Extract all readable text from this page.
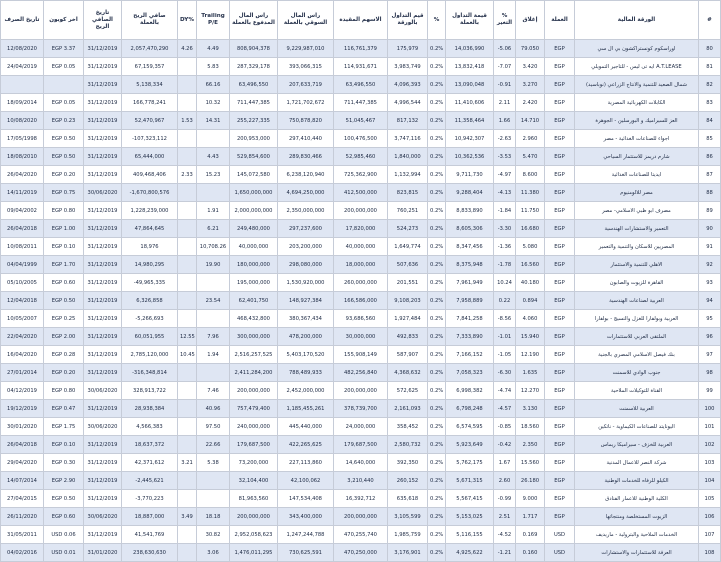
تاريخ الصرف	اخر كوبون	تاريخ الصافي الربح	صافي الربح بالعملة	DY%	Trailing P/E	راس المال المدفوع بالعملة	راس المال السوقي بالعملة	الاسهم المقيدة	قيم التداول بالورقة	%	قيمة التداول بالعملة	% التغير	إغلاق	العملة	الورقة المالية	#
12/08/2020	EGP 3.37	31/12/2019	2,057,470,290	4.26	4.49	808,904,378	9,229,987,010	116,761,379	175,979	0.2%	14,036,990	-5.06	79.050	EGP	اوراسكوم كونستراكشون بي ال سي	80
24/04/2019	EGP 0.05	31/12/2019	67,159,357		5.83	287,329,178	393,066,315	114,931,671	3,983,749	0.2%	13,832,418	-7.07	3.420	EGP	A.T.LEASE ايه تى ليس - للتاجير التمويلي	81
		31/12/2019	5,138,334		66.16	63,496,550	207,633,719	63,496,550	4,096,393	0.2%	13,090,048	-0.91	3.270	EGP	شمال الصعيد للتنمية والانتاج الزراعي (نوباسيد)	82
18/09/2014	EGP 0.05	31/12/2019	166,778,241		10.32	711,447,385	1,721,702,672	711,447,385	4,996,544	0.2%	11,410,606	2.11	2.420	EGP	الكابلات الكهربائية المصرية	83
10/08/2020	EGP 0.23	31/12/2019	52,470,967	1.53	14.31	255,227,335	750,878,820	51,045,467	817,132	0.2%	11,358,464	1.66	14.710	EGP	العز للسيراميك و البورسلين - الجوهرة	84
17/05/1998	EGP 0.50	31/12/2019	-107,323,112			200,953,000	297,410,440	100,476,500	3,747,116	0.2%	10,942,307	-2.63	2.960	EGP	اجواء للصناعات الغذائية - مصر	85
18/08/2010	EGP 0.50	31/12/2019	65,444,000		4.43	529,854,600	289,830,466	52,985,460	1,840,000	0.2%	10,362,536	-3.53	5.470	EGP	شارم دريمز للاستثمار السياحي	86
26/04/2020	EGP 0.20	31/12/2019	409,468,406	2.33	15.23	145,072,580	6,238,120,940	725,362,900	1,132,994	0.2%	9,711,730	-4.97	8.600	EGP	ايديتا للصناعات الغذائية	87
14/11/2019	EGP 0.75	30/06/2020	-1,670,800,576			1,650,000,000	4,694,250,000	412,500,000	823,815	0.2%	9,288,404	-4.13	11.380	EGP	مصر للالومنيوم	88
09/04/2002	EGP 0.80	31/12/2019	1,228,239,000		1.91	2,000,000,000	2,350,000,000	200,000,000	760,251	0.2%	8,833,890	-1.84	11.750	EGP	مصرف ابو ظبي الاسلامي- مصر	89
26/04/2018	EGP 1.00	31/12/2019	47,864,645		6.21	249,480,000	297,237,600	17,820,000	524,273	0.2%	8,605,306	-3.30	16.680	EGP	التعمير والاستشارات الهندسية	90
10/08/2011	EGP 0.10	31/12/2019	18,976		10,708.26	40,000,000	203,200,000	40,000,000	1,649,774	0.2%	8,347,456	-1.36	5.080	EGP	المصريين للاسكان والتنمية والتعمير	91
04/04/1999	EGP 1.70	31/12/2019	14,980,295		19.90	180,000,000	298,080,000	18,000,000	507,636	0.2%	8,375,948	-1.78	16.560	EGP	الاهلي للتنمية والاستثمار	92
05/10/2005	EGP 0.60	31/12/2019	-49,965,335			195,000,000	1,530,920,000	260,000,000	201,551	0.2%	7,961,949	10.24	40.180	EGP	القاهرة للزيوت والصابون	93
12/04/2018	EGP 0.50	31/12/2019	6,326,858		23.54	62,401,750	148,927,384	166,586,000	9,108,203	0.2%	7,958,889	0.22	0.894	EGP	العربية لصناعات الهندسية	94
10/05/2007	EGP 0.25	31/12/2019	-5,266,693			468,432,800	380,367,434	93,686,560	1,927,484	0.2%	7,841,258	-8.56	4.060	EGP	العربية وبولفارا للغزل والنسيج - بولفارا	95
22/04/2020	EGP 2.00	31/12/2019	60,051,955	12.55	7.96	300,000,000	478,200,000	30,000,000	492,833	0.2%	7,333,890	-1.01	15.940	EGP	الملتقى العربي للاستثمارات	96
16/04/2020	EGP 0.28	31/12/2019	2,785,120,000	10.45	1.94	2,516,257,525	5,403,170,520	155,908,149	587,907	0.2%	7,166,152	-1.05	12.190	EGP	بنك فيصل الاسلامي المصري بالجنية	97
27/01/2014	EGP 0.20	31/12/2019	-316,348,814			2,411,284,200	788,489,933	482,256,840	4,368,632	0.2%	7,058,323	-6.30	1.635	EGP	جنوب الوادي للاسمنت	98
04/12/2019	EGP 0.80	30/06/2020	328,913,722		7.46	200,000,000	2,452,000,000	200,000,000	572,625	0.2%	6,998,382	-4.74	12.270	EGP	القناة للتوكيلات الملاحية	99
19/12/2019	EGP 0.47	31/12/2019	28,938,384		40.96	757,479,400	1,185,455,261	378,739,700	2,161,093	0.2%	6,798,248	-4.57	3.130	EGP	العربية للاسمنت	100
30/01/2020	EGP 1.75	30/06/2020	4,566,383		97.50	240,000,000	445,440,000	24,000,000	358,452	0.2%	6,574,595	-0.85	18.560	EGP	اليونايتد للصناعات الكيماوية - ناتكين	101
26/04/2018	EGP 0.10	31/12/2019	18,637,372		22.66	179,687,500	422,265,625	179,687,500	2,580,732	0.2%	5,923,649	-0.42	2.350	EGP	العربية للخزف - سيراميكا ريماس	102
29/04/2020	EGP 0.30	31/12/2019	42,371,612	3.21	5.38	73,200,000	227,113,860	14,640,000	392,350	0.2%	5,762,175	1.67	15.560	EGP	شركة النصر للاعمال المدنية	103
14/07/2014	EGP 2.90	31/12/2019	-2,445,621			32,104,400	42,100,062	3,210,440	260,152	0.2%	5,671,315	2.60	26.180	EGP	الكيلو للرفاه للخدمات الوطنية	104
27/04/2015	EGP 0.50	31/12/2019	-3,770,223			81,963,560	147,534,408	16,392,712	635,618	0.2%	5,567,415	-0.99	9.000	EGP	الكلية الوطنية للاعمار الفنادق	105
26/11/2020	EGP 0.60	30/06/2020	18,887,000	3.49	18.18	200,000,000	343,400,000	200,000,000	3,105,599	0.2%	5,153,025	2.51	1.717	EGP	الزيوت المستخلصة ومنتجاتها	106
31/05/2011	USD 0.06	31/12/2019	41,541,769		30.82	2,952,058,623	1,247,244,788	470,255,740	1,985,759	0.2%	5,116,155	-4.52	0.169	USD	الخدمات الملاحية والبترولية - ماريديف	107
04/02/2016	USD 0.01	31/01/2020	238,630,630		3.06	1,476,011,295	730,625,591	470,250,000	3,176,901	0.2%	4,925,622	-1.21	0.160	USD	العرفة للاستثمارات والاستشارات	108
